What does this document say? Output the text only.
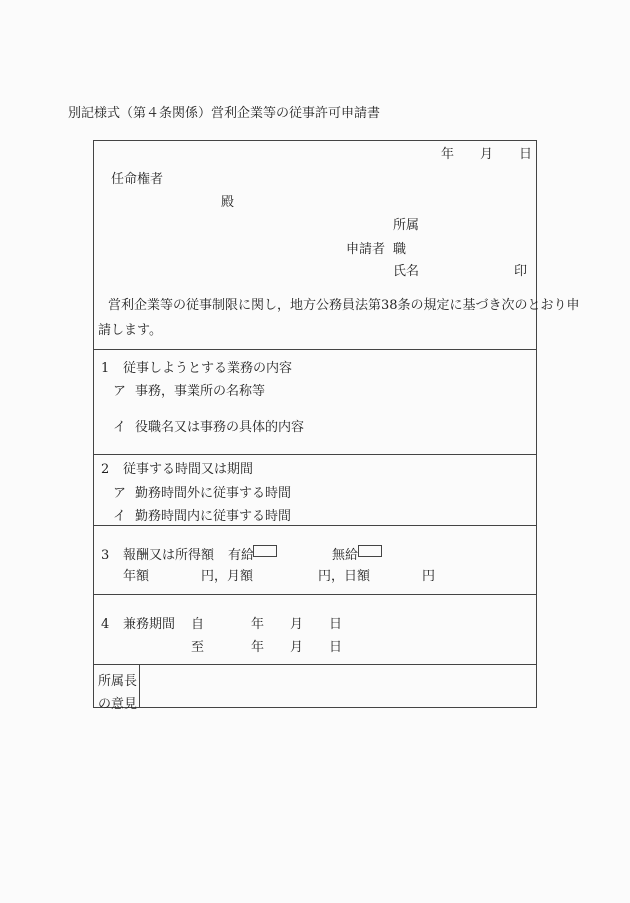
別記様式（第４条関係）営利企業等の従事許可申請書
年　　月　　日
任命権者
殿
所属
申請者 職
氏名	印
営利企業等の従事制限に関し，地方公務員法第38条の規定に基づき次のとおり申
請します。
1 従事しようとする業務の内容
ア 事務，事業所の名称等
イ 役職名又は事務の具体的内容
2 従事する時間又は期間
ア 勤務時間外に従事する時間
イ 勤務時間内に従事する時間
3 報酬又は所得額 有給	無給
年額　　　　円，月額　　　　　円，日額　　　　円
4 兼務期間 自	年　　月　　日
至	年　　月　　日
所属長
の意見
